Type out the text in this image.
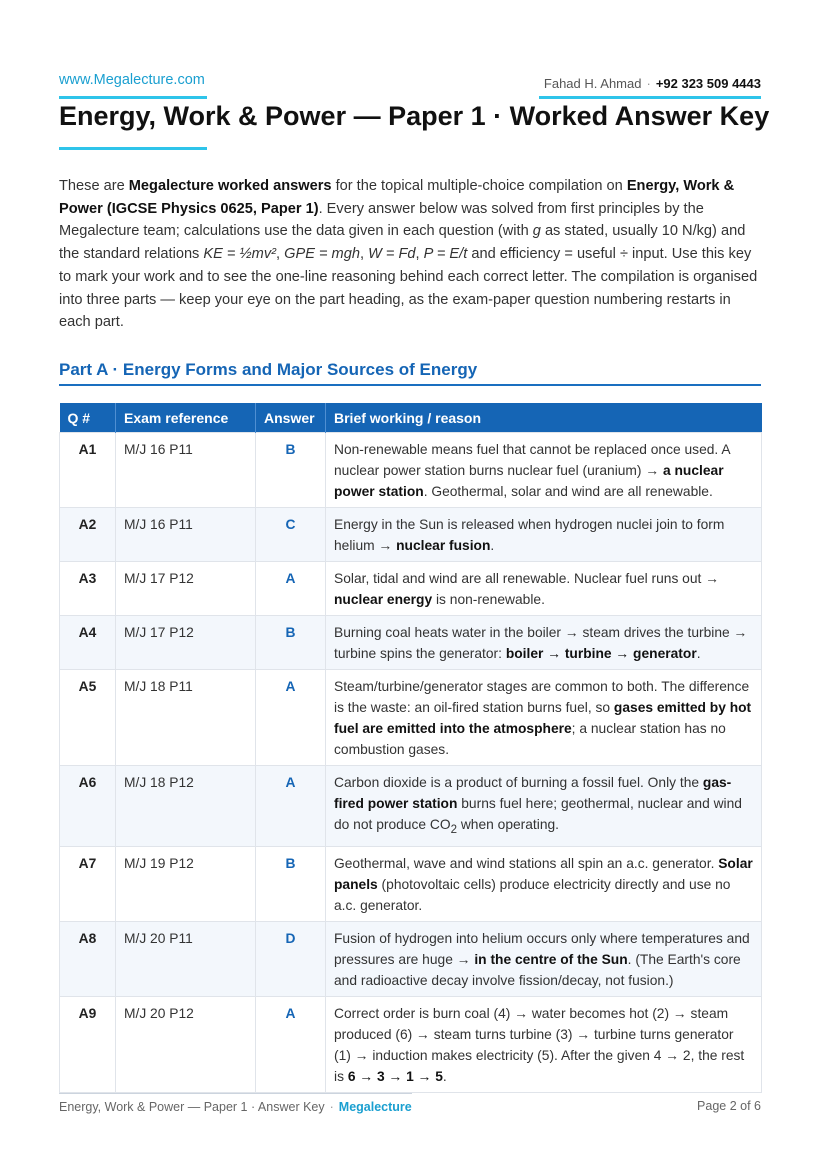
www.Megalecture.com	Fahad H. Ahmad · +92 323 509 4443
Energy, Work & Power — Paper 1 · Worked Answer Key

These are Megalecture worked answers for the topical multiple-choice compilation on Energy, Work & Power (IGCSE Physics 0625, Paper 1). Every answer below was solved from first principles by the Megalecture team; calculations use the data given in each question (with g as stated, usually 10 N/kg) and the standard relations KE = ½mv², GPE = mgh, W = Fd, P = E/t and efficiency = useful ÷ input. Use this key to mark your work and to see the one-line reasoning behind each correct letter. The compilation is organised into three parts — keep your eye on the part heading, as the exam-paper question numbering restarts in each part.

Part A · Energy Forms and Major Sources of Energy
Q #	Exam reference	Answer	Brief working / reason
A1	M/J 16 P11	B	Non-renewable means fuel that cannot be replaced once used. A nuclear power station burns nuclear fuel (uranium) → a nuclear power station. Geothermal, solar and wind are all renewable.
A2	M/J 16 P11	C	Energy in the Sun is released when hydrogen nuclei join to form helium → nuclear fusion.
A3	M/J 17 P12	A	Solar, tidal and wind are all renewable. Nuclear fuel runs out → nuclear energy is non-renewable.
A4	M/J 17 P12	B	Burning coal heats water in the boiler → steam drives the turbine → turbine spins the generator: boiler → turbine → generator.
A5	M/J 18 P11	A	Steam/turbine/generator stages are common to both. The difference is the waste: an oil-fired station burns fuel, so gases emitted by hot fuel are emitted into the atmosphere; a nuclear station has no combustion gases.
A6	M/J 18 P12	A	Carbon dioxide is a product of burning a fossil fuel. Only the gas-fired power station burns fuel here; geothermal, nuclear and wind do not produce $CO_2$ when operating.
A7	M/J 19 P12	B	Geothermal, wave and wind stations all spin an a.c. generator. Solar panels (photovoltaic cells) produce electricity directly and use no a.c. generator.
A8	M/J 20 P11	D	Fusion of hydrogen into helium occurs only where temperatures and pressures are huge → in the centre of the Sun. (The Earth's core and radioactive decay involve fission/decay, not fusion.)
A9	M/J 20 P12	A	Correct order is burn coal (4) → water becomes hot (2) → steam produced (6) → steam turns turbine (3) → turbine turns generator (1) → induction makes electricity (5). After the given 4 → 2, the rest is 6 → 3 → 1 → 5.
Energy, Work & Power — Paper 1 · Answer Key · Megalecture	Page 2 of 6
